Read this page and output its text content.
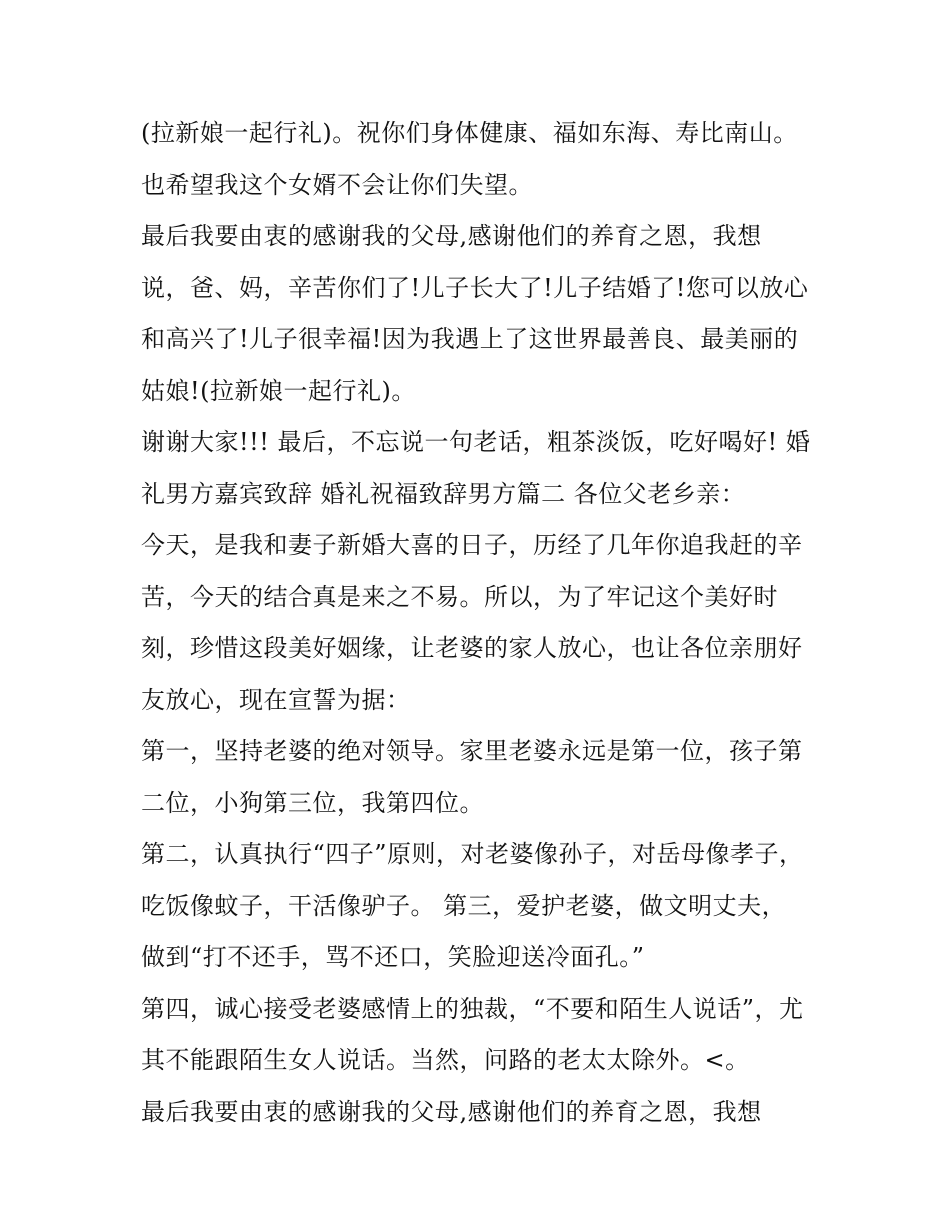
(拉新娘一起行礼)。祝你们身体健康、福如东海、寿比南山。
也希望我这个女婿不会让你们失望。
最后我要由衷的感谢我的父母,感谢他们的养育之恩，我想
说，爸、妈，辛苦你们了!儿子长大了!儿子结婚了!您可以放心
和高兴了!儿子很幸福!因为我遇上了这世界最善良、最美丽的
姑娘!(拉新娘一起行礼)。
谢谢大家!!! 最后，不忘说一句老话，粗茶淡饭，吃好喝好! 婚
礼男方嘉宾致辞 婚礼祝福致辞男方篇二 各位父老乡亲：
今天，是我和妻子新婚大喜的日子，历经了几年你追我赶的辛
苦，今天的结合真是来之不易。所以，为了牢记这个美好时
刻，珍惜这段美好姻缘，让老婆的家人放心，也让各位亲朋好
友放心，现在宣誓为据：
第一，坚持老婆的绝对领导。家里老婆永远是第一位，孩子第
二位，小狗第三位，我第四位。
第二，认真执行“四子”原则，对老婆像孙子，对岳母像孝子，
吃饭像蚊子，干活像驴子。 第三，爱护老婆，做文明丈夫，
做到“打不还手，骂不还口，笑脸迎送冷面孔。”
第四，诚心接受老婆感情上的独裁，“不要和陌生人说话”，尤
其不能跟陌生女人说话。当然，问路的老太太除外。<。
最后我要由衷的感谢我的父母,感谢他们的养育之恩，我想
